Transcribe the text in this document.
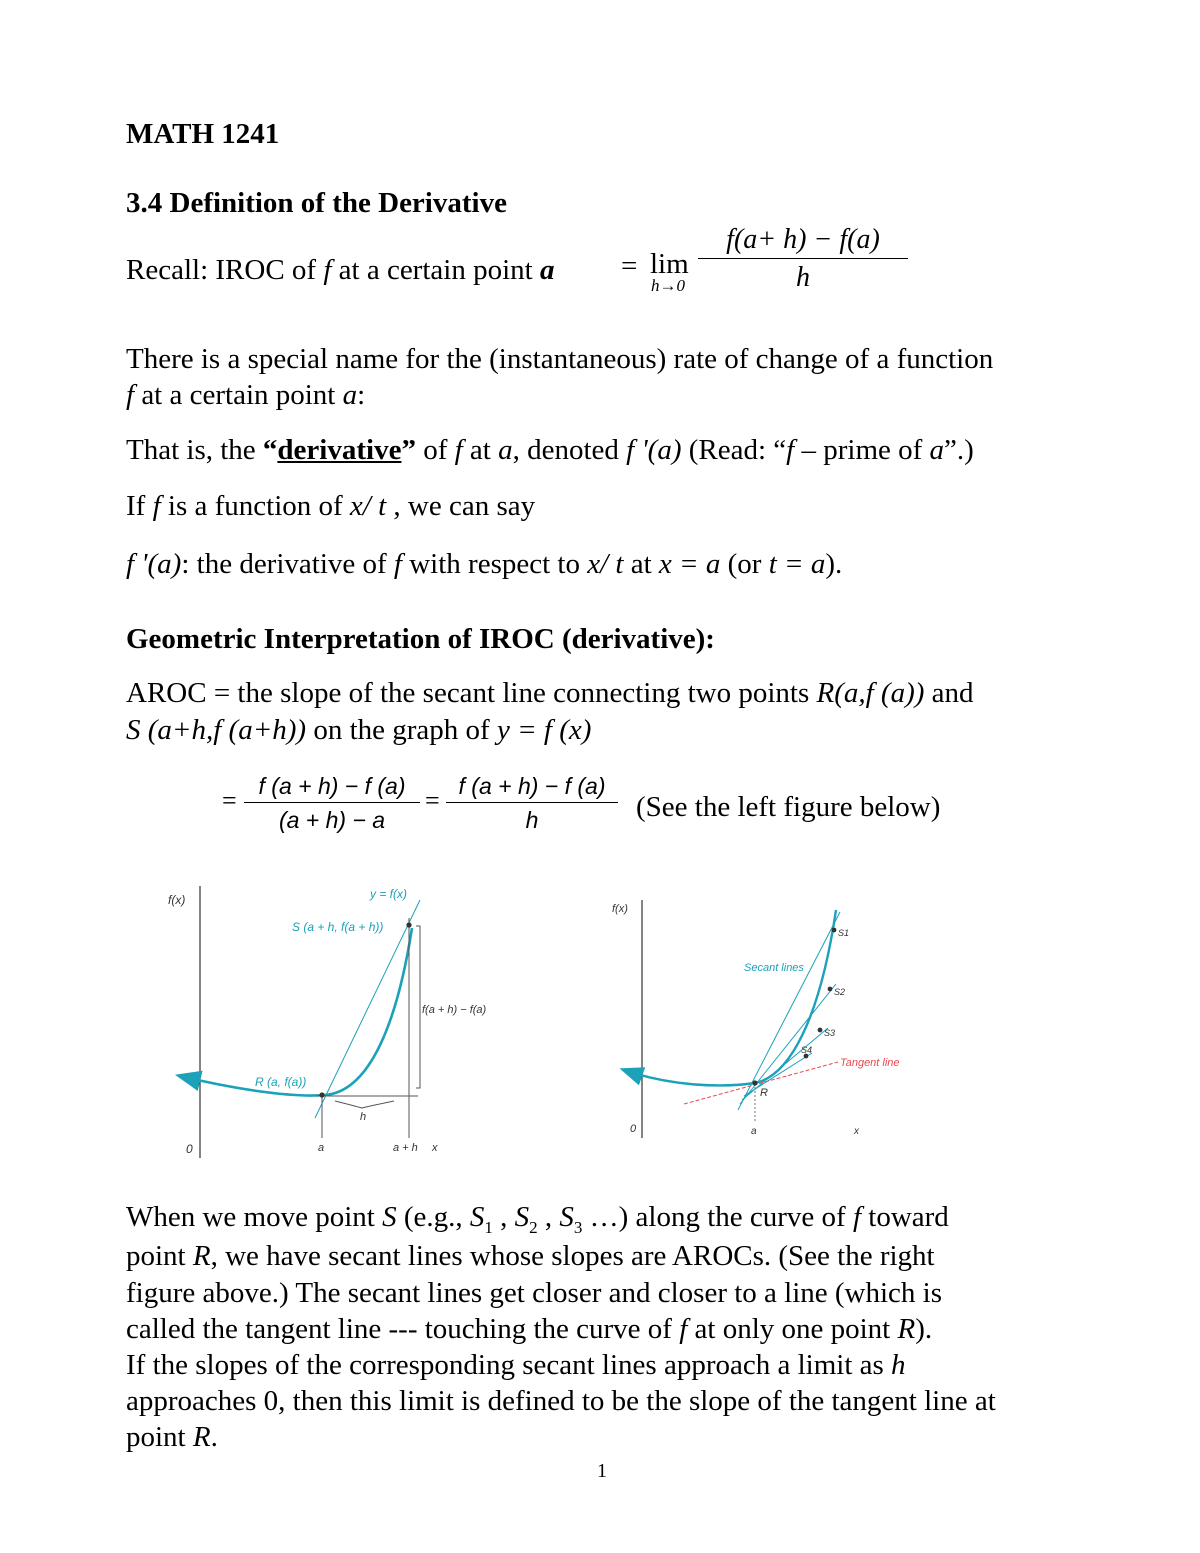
MATH 1241
3.4 Definition of the Derivative
Recall: IROC of f at a certain point a = lim
h→0
f(a+ h) − f(a)
h
There is a special name for the (instantaneous) rate of change of a function
f at a certain point a:
That is, the “derivative” of f at a, denoted f '(a) (Read: “f – prime of a”.)
If f is a function of x/ t , we can say
f '(a): the derivative of f with respect to x/ t at x = a (or t = a).
Geometric Interpretation of IROC (derivative):
AROC = the slope of the secant line connecting two points R(a,f (a)) and
S (a+h,f (a+h)) on the graph of y = f (x)
= f (a + h) − f (a)
(a + h) − a
= f (a + h) − f (a)
h	(See the left figure below)
f(x)
0
y = f(x)
S (a + h, f(a + h))
R (a, f(a))
f(a + h) − f(a)
h
a	a + h x
f(x)
0
Secant lines
Tangent line
S1
S2
S3
S4
R
a	x
When we move point S (e.g., $S_1$ , $S_2$ , $S_3$ …) along the curve of f toward
point R, we have secant lines whose slopes are AROCs. (See the right
figure above.) The secant lines get closer and closer to a line (which is
called the tangent line --- touching the curve of f at only one point R).
If the slopes of the corresponding secant lines approach a limit as h
approaches 0, then this limit is defined to be the slope of the tangent line at
point R.
1
